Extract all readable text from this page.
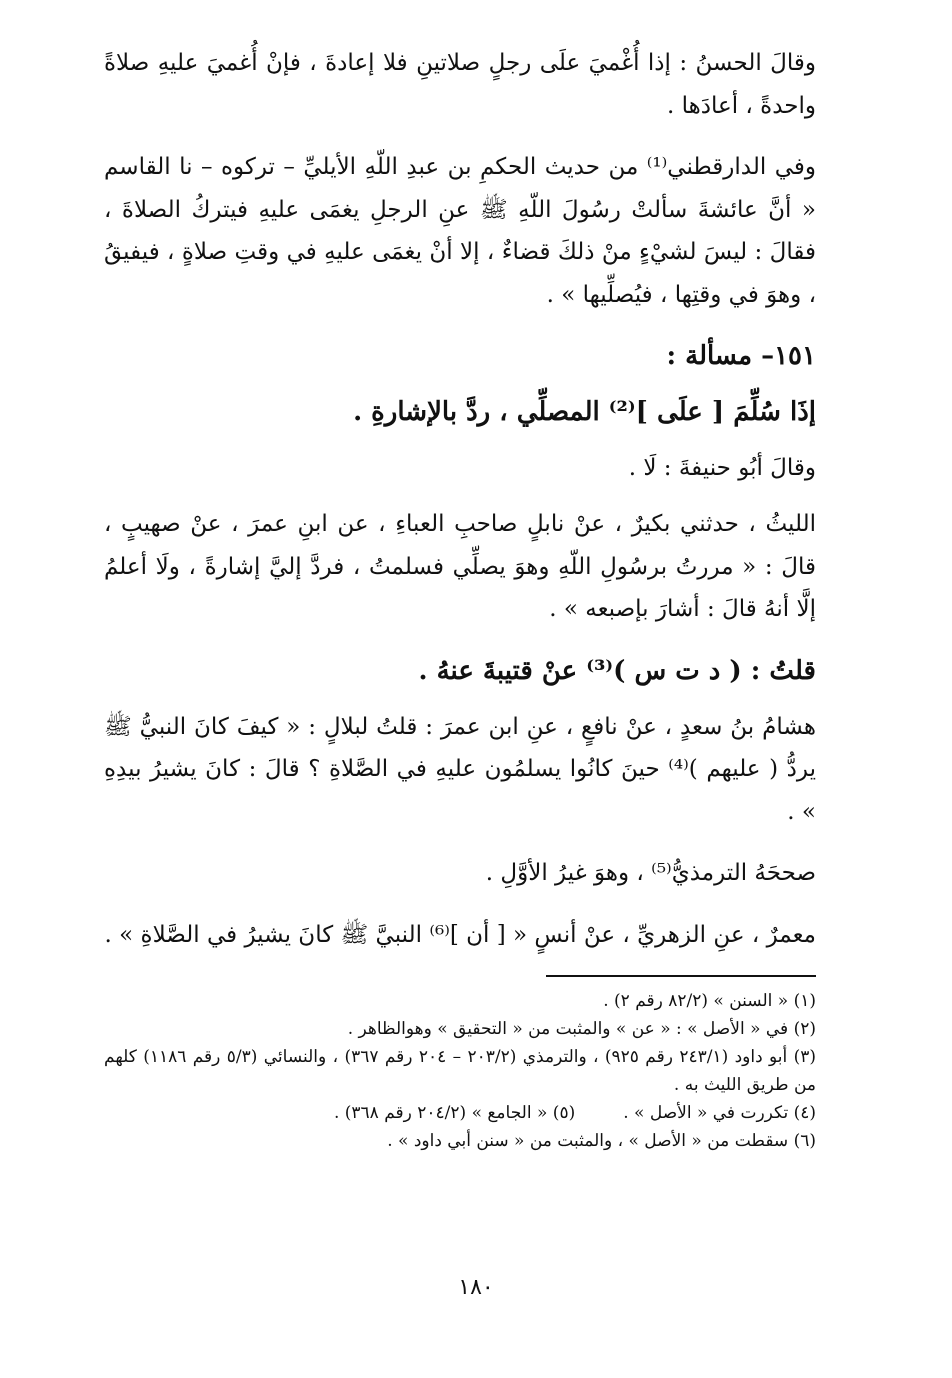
وقالَ الحسنُ : إذا أُغْميَ علَى رجلٍ صلاتينِ فلا إعادةَ ، فإنْ أُغميَ عليهِ صلاةً واحدةً ، أعادَها .

وفي الدارقطني⁽¹⁾ من حديث الحكمِ بن عبدِ اللّهِ الأيليِّ – تركوه – نا القاسم « أنَّ عائشةَ سألتْ رسُولَ اللّهِ ﷺ عنِ الرجلِ يغمَى عليهِ فيتركُ الصلاةَ ، فقالَ : ليسَ لشيْءٍ منْ ذلكَ قضاءٌ ، إلا أنْ يغمَى عليهِ في وقتِ صلاةٍ ، فيفيقُ ، وهوَ في وقتِها ، فيُصلِّيها » .

١٥١– مسألة :
إذَا سُلِّمَ [ علَى ]⁽²⁾ المصلِّي ، ردَّ بالإشارةِ .
وقالَ أبُو حنيفةَ : لَا .

الليثُ ، حدثني بكيرٌ ، عنْ نابلٍ صاحبِ العباءِ ، عن ابنِ عمرَ ، عنْ صهيبٍ ، قالَ : « مررتُ برسُولِ اللّهِ وهوَ يصلِّي فسلمتُ ، فردَّ إليَّ إشارةً ، ولَا أعلمُ إلَّا أنهُ قالَ : أشارَ بإصبعه » .

قلتُ : ( د ت س )⁽³⁾ عنْ قتيبةَ عنهُ .

هشامُ بنُ سعدٍ ، عنْ نافعٍ ، عنِ ابن عمرَ : قلتُ لبلالٍ : « كيفَ كانَ النبيُّ ﷺ يردُّ ( عليهم )⁽⁴⁾ حينَ كانُوا يسلمُون عليهِ في الصَّلاةِ ؟ قالَ : كانَ يشيرُ بيدِهِ » .

صححَهُ الترمذيُّ⁽⁵⁾ ، وهوَ غيرُ الأوَّلِ .

معمرٌ ، عنِ الزهريِّ ، عنْ أنسٍ « [ أن ]⁽⁶⁾ النبيَّ ﷺ كانَ يشيرُ في الصَّلاةِ » .

(١) « السنن » (٨٢/٢ رقم ٢) .

(٢) في « الأصل » : « عن » والمثبت من « التحقيق » وهوالظاهر .

(٣) أبو داود (٢٤٣/١ رقم ٩٢٥) ، والترمذي (٢٠٣/٢ – ٢٠٤ رقم ٣٦٧) ، والنسائي (٥/٣ رقم ١١٨٦) كلهم من طريق الليث به .

(٤) تكررت في « الأصل » .
(٥) « الجامع » (٢٠٤/٢ رقم ٣٦٨) .

(٦) سقطت من « الأصل » ، والمثبت من « سنن أبي داود » .

١٨٠
